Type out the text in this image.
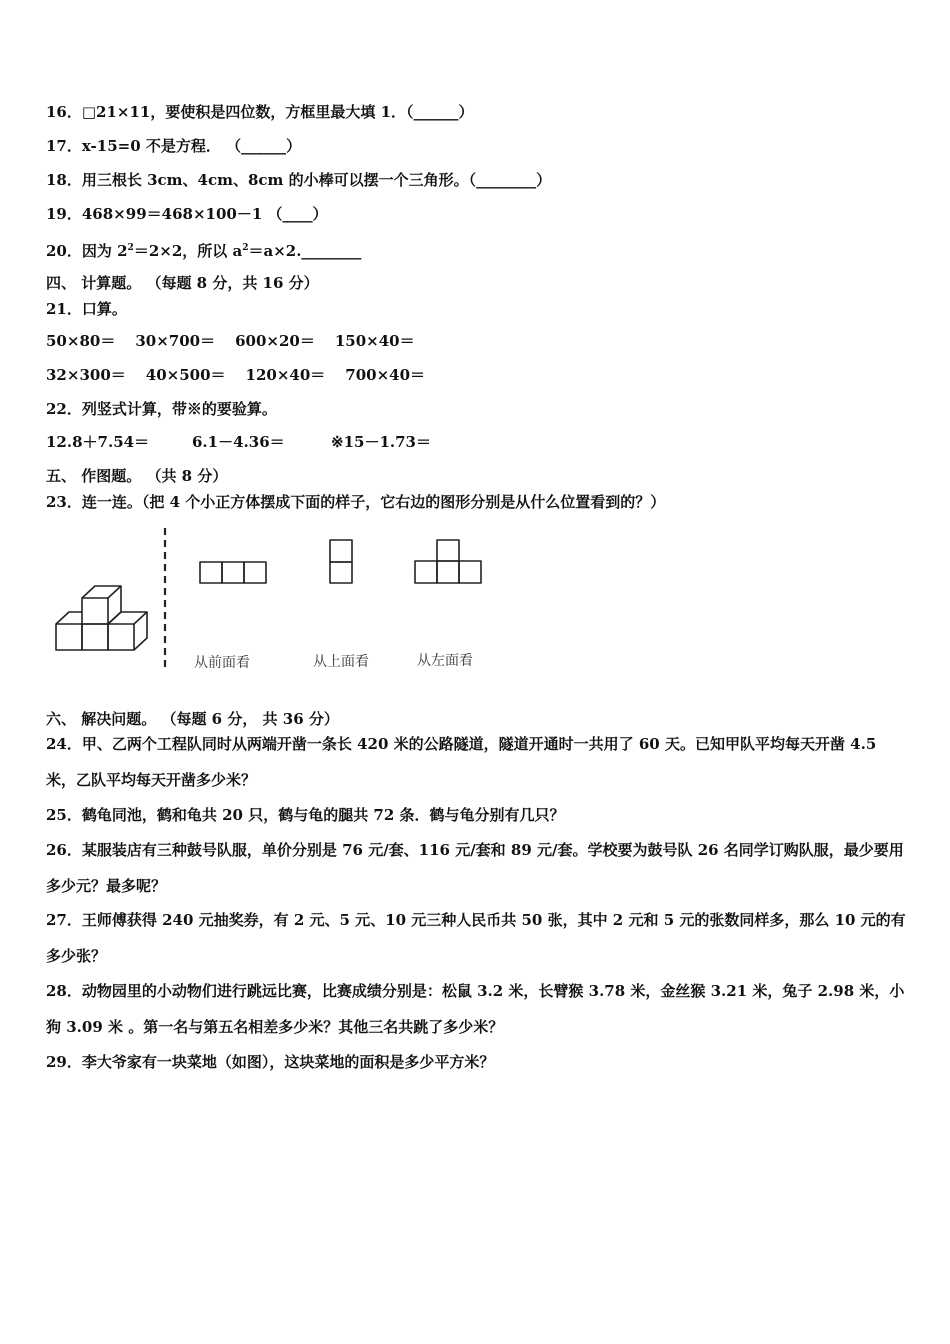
16．□21×11，要使积是四位数，方框里最大填 1．（______）
17．x-15=0 不是方程． （______）
18．用三根长 3cm、4cm、8cm 的小棒可以摆一个三角形。（________）
19．468×99＝468×100－1 （____）
20．因为 $2^2=2\times 2$，所以 $a^2=a\times 2.\_\_\_\_\_\_\_\_$
四、 计算题。 （每题 8 分，共 16 分）
21．口算。
50×80＝ 30×700＝ 600×20＝ 150×40＝
32×300＝ 40×500＝ 120×40＝ 700×40＝
22．列竖式计算，带※的要验算。
12.8＋7.54＝	6.1－4.36＝	※15－1.73＝
五、 作图题。 （共 8 分）
23．连一连。（把 4 个小正方体摆成下面的样子，它右边的图形分别是从什么位置看到的？）
从前面看	从上面看	从左面看
六、 解决问题。 （每题 6 分， 共 36 分）
24．甲、乙两个工程队同时从两端开凿一条长 420 米的公路隧道，隧道开通时一共用了 60 天。已知甲队平均每天开凿 4.5 米，乙队平均每天开凿多少米？
25．鹤龟同池，鹤和龟共 20 只，鹤与龟的腿共 72 条．鹤与龟分别有几只？
26．某服装店有三种鼓号队服，单价分别是 76 元/套、116 元/套和 89 元/套。学校要为鼓号队 26 名同学订购队服，最少要用多少元？最多呢？
27．王师傅获得 240 元抽奖券，有 2 元、5 元、10 元三种人民币共 50 张，其中 2 元和 5 元的张数同样多，那么 10 元的有多少张？
28．动物园里的小动物们进行跳远比赛，比赛成绩分别是：松鼠 3.2 米，长臂猴 3.78 米，金丝猴 3.21 米，兔子 2.98 米，小狗 3.09 米 。第一名与第五名相差多少米？其他三名共跳了多少米？
29．李大爷家有一块菜地（如图），这块菜地的面积是多少平方米？
